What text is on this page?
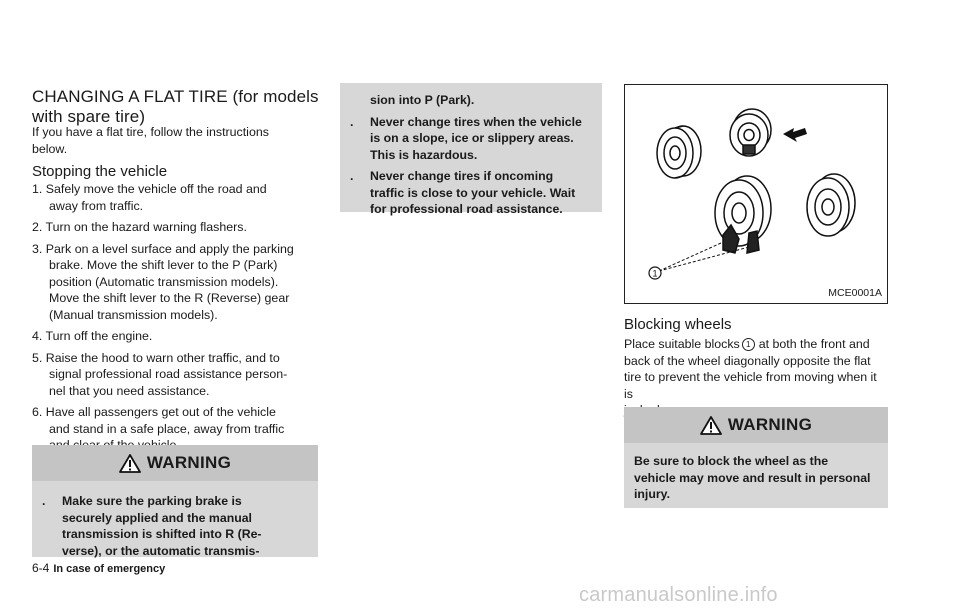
CHANGING A FLAT TIRE (for models
with spare tire)
If you have a flat tire, follow the instructions
below.
Stopping the vehicle
1. Safely move the vehicle off the road and
away from traffic.
2. Turn on the hazard warning flashers.
3. Park on a level surface and apply the parking
brake. Move the shift lever to the P (Park)
position (Automatic transmission models).
Move the shift lever to the R (Reverse) gear
(Manual transmission models).
4. Turn off the engine.
5. Raise the hood to warn other traffic, and to
signal professional road assistance person-
nel that you need assistance.
6. Have all passengers get out of the vehicle
and stand in a safe place, away from traffic
WARNING
.	Make sure the parking brake is
securely applied and the manual
transmission is shifted into R (Re-
verse), or the automatic transmis-
sion into P (Park).
.	Never change tires when the vehicle
is on a slope, ice or slippery areas.
This is hazardous.
.	Never change tires if oncoming
traffic is close to your vehicle. Wait
for professional road assistance.
1
MCE0001A
Blocking wheels
Place suitable blocks 1 at both the front and
back of the wheel diagonally opposite the flat
tire to prevent the vehicle from moving when it is
WARNING
Be sure to block the wheel as the
vehicle may move and result in personal
injury.
6-4 In case of emergency
carmanualsonline.info
